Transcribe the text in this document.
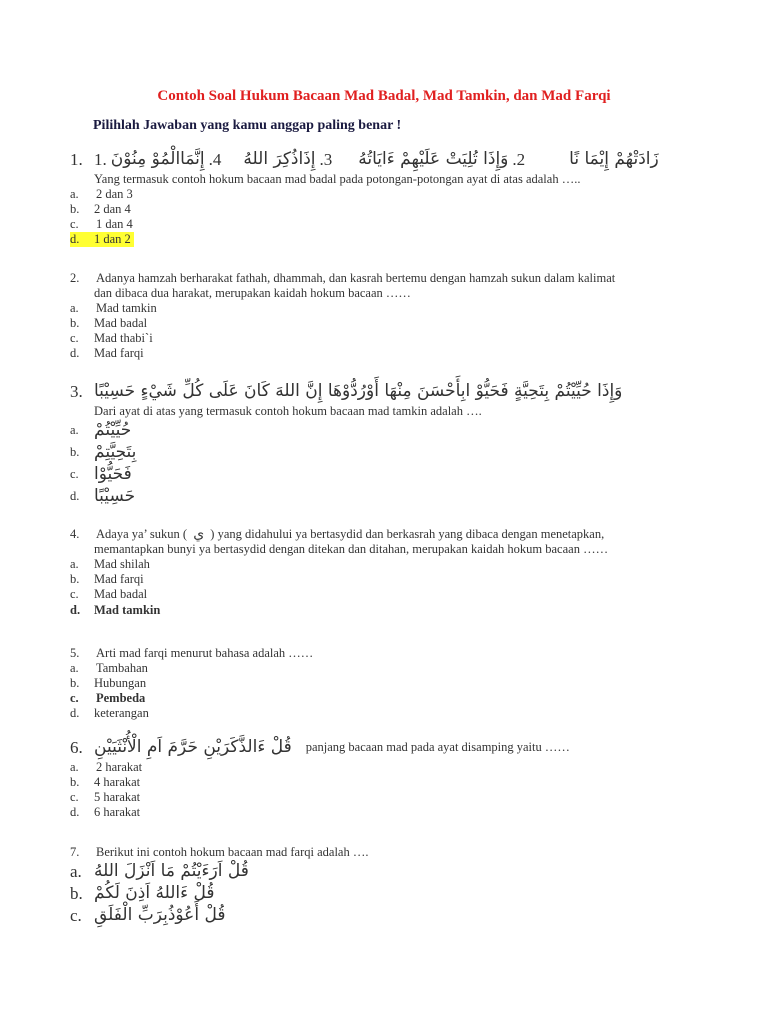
Contoh Soal Hukum Bacaan Mad Badal, Mad Tamkin, dan Mad Farqi
Pilihlah Jawaban yang kamu anggap paling benar !
1. 1. إِنَّمَاالْمُوْ مِنُوْنَ .4 إِذَاذُكِرَ اللهُ .3 وَإِذَا تُلِيَتْ عَلَيْهِمْ ءَايَاتُهُ .2	زَادَتْهُمْ إِيْمَا نًا
Yang termasuk contoh hokum bacaan mad badal pada potongan-potongan ayat di atas adalah …..
a.	2 dan 3
b.	2 dan 4
c.	1 dan 4
d. 1 dan 2
2.	Adanya hamzah berharakat fathah, dhammah, dan kasrah bertemu dengan hamzah sukun dalam kalimat
dan dibaca dua harakat, merupakan kaidah hokum bacaan ……
a.	Mad tamkin
b.	Mad badal
c.	Mad thabi`i
d.	Mad farqi
3. وَإِذَا حُيِّيْتُمْ بِتَحِيَّةٍ فَحَيُّوْ ابِأَحْسَنَ مِنْهَا أَوْرُدُّوْهَا إِنَّ اللهَ كَانَ عَلَى كُلِّ شَيْءٍ حَسِيْبًا
Dari ayat di atas yang termasuk contoh hokum bacaan mad tamkin adalah ….
a. حُيِّيْتُمْ
b. بِتَحِيَّتِمْ
c. فَحَيُّوْا
d. حَسِيْبًا
4.	Adaya ya’ sukun ( ي ) yang didahului ya bertasydid dan berkasrah yang dibaca dengan menetapkan,
memantapkan bunyi ya bertasydid dengan ditekan dan ditahan, merupakan kaidah hokum bacaan ……
a.	Mad shilah
b.	Mad farqi
c.	Mad badal
d.	Mad tamkin
5.	Arti mad farqi menurut bahasa adalah ……
a.	Tambahan
b.	Hubungan
c.	Pembeda
d.	keterangan
6. قُلْ ءَالذَّكَرَيْنِ حَرَّمَ اَمِ الْأُنْثَيَيْنِ panjang bacaan mad pada ayat disamping yaitu ……
a.	2 harakat
b.	4 harakat
c.	5 harakat
d.	6 harakat
7.	Berikut ini contoh hokum bacaan mad farqi adalah ….
a. قُلْ اَرَءَيْتُمْ مَا اَنْزَلَ اللهُ
b. قُلْ ءَاللهُ اَذِنَ لَكُمْ
c. قُلْ أَعُوْذُبِرَبِّ الْفَلَقِ
